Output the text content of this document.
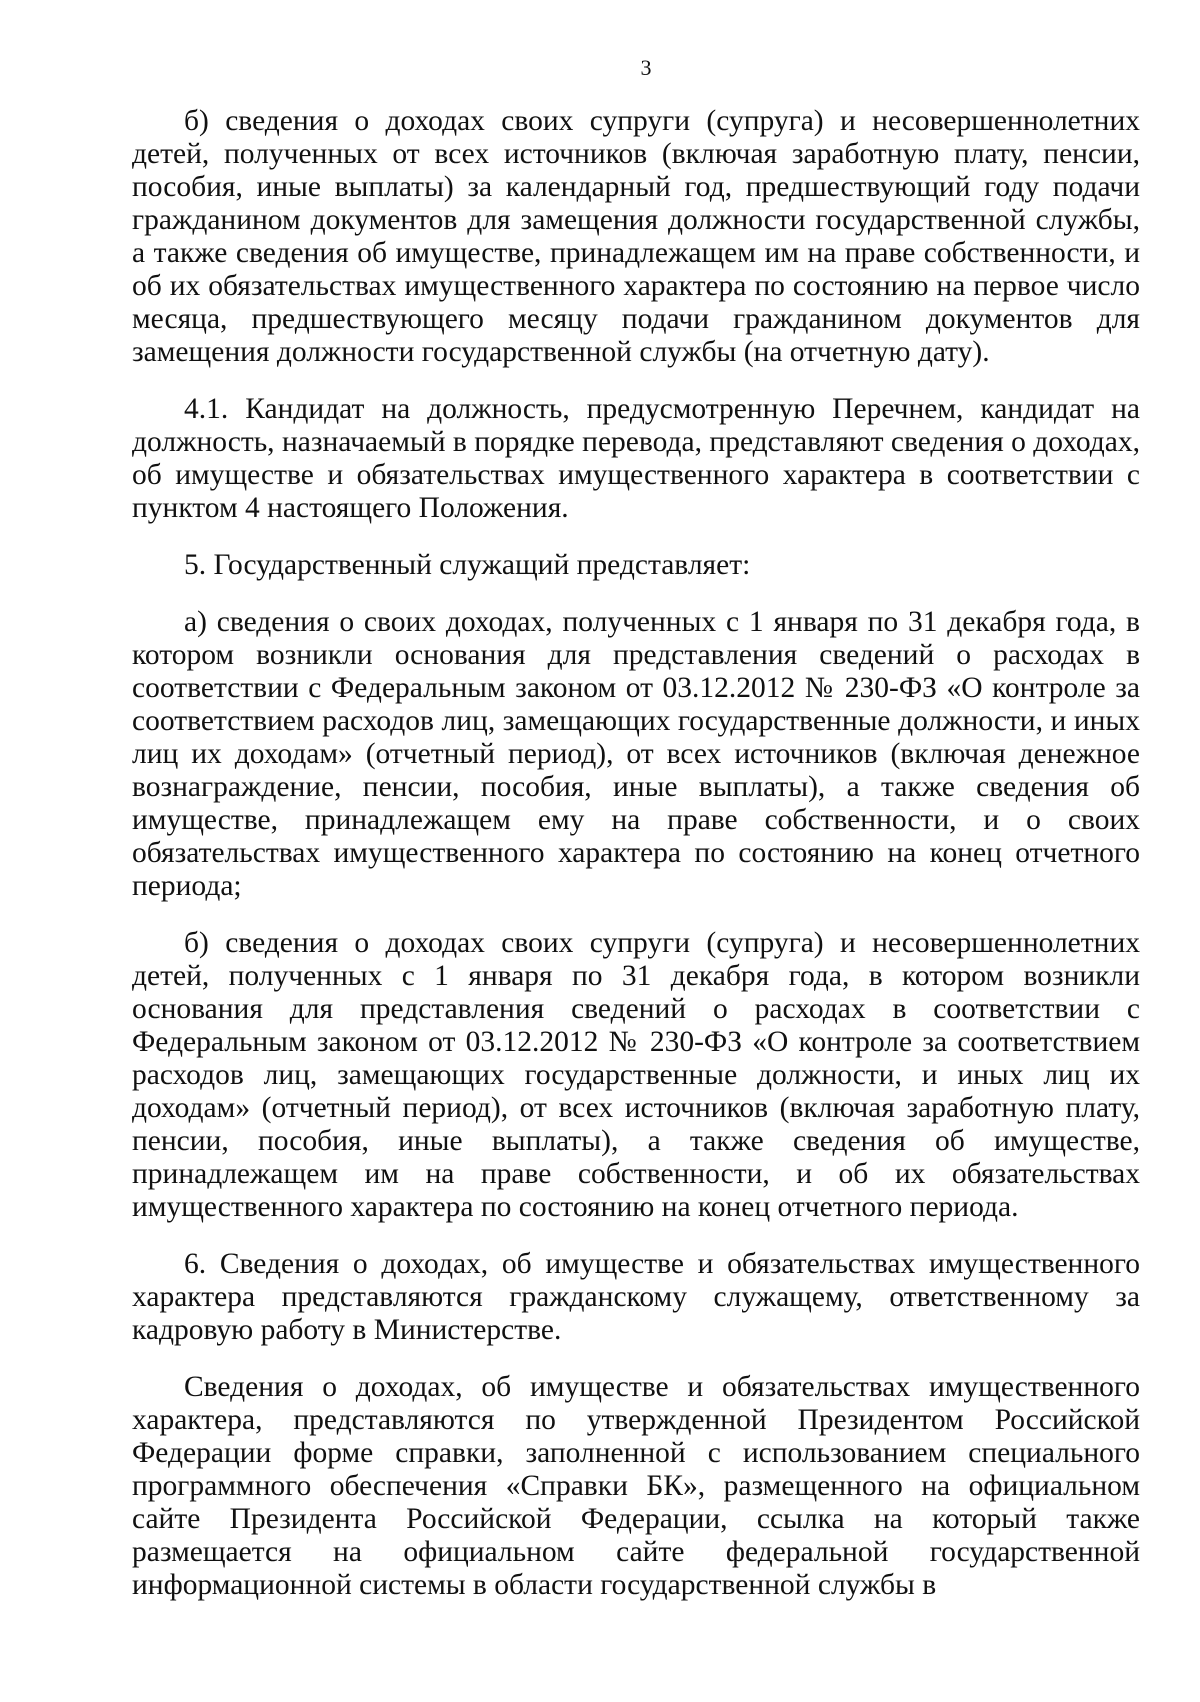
3

б) сведения о доходах своих супруги (супруга) и несовершеннолетних детей, полученных от всех источников (включая заработную плату, пенсии, пособия, иные выплаты) за календарный год, предшествующий году подачи гражданином документов для замещения должности государственной службы, а также сведения об имуществе, принадлежащем им на праве собственности, и об их обязательствах имущественного характера по состоянию на первое число месяца, предшествующего месяцу подачи гражданином документов для замещения должности государственной службы (на отчетную дату).

4.1. Кандидат на должность, предусмотренную Перечнем, кандидат на должность, назначаемый в порядке перевода, представляют сведения о доходах, об имуществе и обязательствах имущественного характера в соответствии с пунктом 4 настоящего Положения.

5. Государственный служащий представляет:

а) сведения о своих доходах, полученных с 1 января по 31 декабря года, в котором возникли основания для представления сведений о расходах в соответствии с Федеральным законом от 03.12.2012 № 230-ФЗ «О контроле за соответствием расходов лиц, замещающих государственные должности, и иных лиц их доходам» (отчетный период), от всех источников (включая денежное вознаграждение, пенсии, пособия, иные выплаты), а также сведения об имуществе, принадлежащем ему на праве собственности, и о своих обязательствах имущественного характера по состоянию на конец отчетного периода;

б) сведения о доходах своих супруги (супруга) и несовершеннолетних детей, полученных с 1 января по 31 декабря года, в котором возникли основания для представления сведений о расходах в соответствии с Федеральным законом от 03.12.2012 № 230-ФЗ «О контроле за соответствием расходов лиц, замещающих государственные должности, и иных лиц их доходам» (отчетный период), от всех источников (включая заработную плату, пенсии, пособия, иные выплаты), а также сведения об имуществе, принадлежащем им на праве собственности, и об их обязательствах имущественного характера по состоянию на конец отчетного периода.

6. Сведения о доходах, об имуществе и обязательствах имущественного характера представляются гражданскому служащему, ответственному за кадровую работу в Министерстве.

Сведения о доходах, об имуществе и обязательствах имущественного характера, представляются по утвержденной Президентом Российской Федерации форме справки, заполненной с использованием специального программного обеспечения «Справки БК», размещенного на официальном сайте Президента Российской Федерации, ссылка на который также размещается на официальном сайте федеральной государственной информационной системы в области государственной службы в
